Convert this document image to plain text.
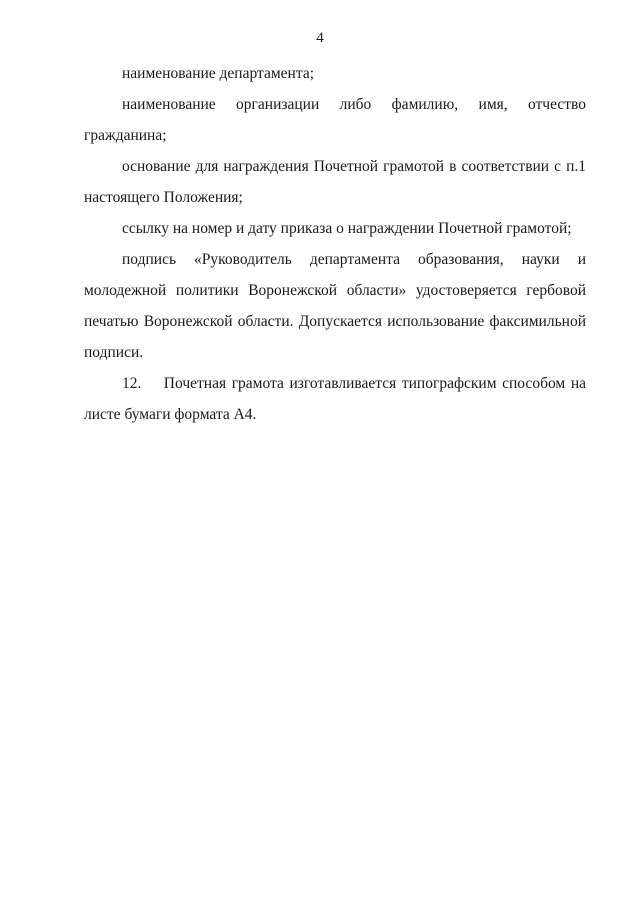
4

наименование департамента;

наименование организации либо фамилию, имя, отчество гражданина;

основание для награждения Почетной грамотой в соответствии с п.1 настоящего Положения;

ссылку на номер и дату приказа о награждении Почетной грамотой;

подпись «Руководитель департамента образования, науки и молодежной политики Воронежской области» удостоверяется гербовой печатью Воронежской области. Допускается использование факсимильной подписи.

12.    Почетная грамота изготавливается типографским способом на листе бумаги формата А4.
